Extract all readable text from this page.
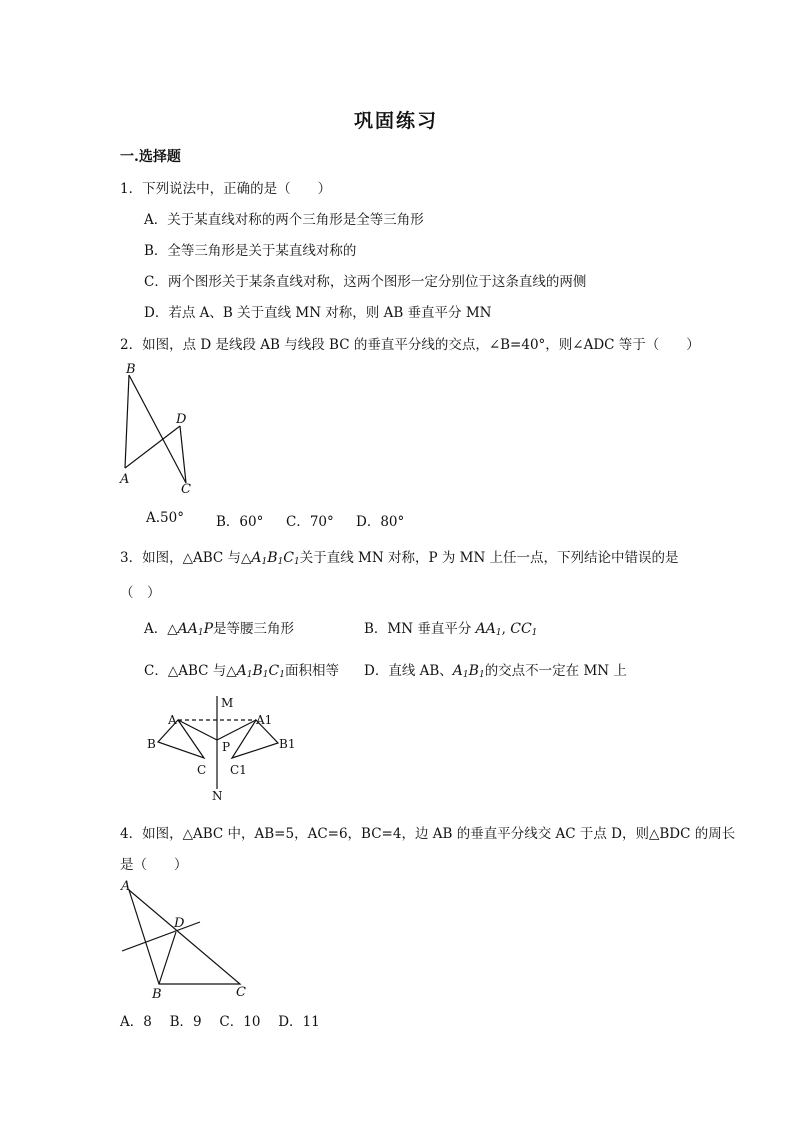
巩固练习
一.选择题
1．下列说法中，正确的是（　　）
A．关于某直线对称的两个三角形是全等三角形
B．全等三角形是关于某直线对称的
C．两个图形关于某条直线对称，这两个图形一定分别位于这条直线的两侧
D．若点 A、B 关于直线 MN 对称，则 AB 垂直平分 MN
2．如图，点 D 是线段 AB 与线段 BC 的垂直平分线的交点，∠B=40°，则∠ADC 等于（　　）
B
D
A
C
A.50° B．60° C．70° D．80°
3．如图，△ABC 与$\triangle A_1B_1C_1$关于直线 MN 对称，P 为 MN 上任一点，下列结论中错误的是
（　）
A．$\triangle AA_1P$是等腰三角形	B．MN 垂直平分 $AA_1$, $CC_1$
C．△ABC 与$\triangle A_1B_1C_1$面积相等 D．直线 AB、$A_1B_1$的交点不一定在 MN 上
M
A	A1
B	P	B1
C C1
N
4．如图，△ABC 中，AB=5，AC=6，BC=4，边 AB 的垂直平分线交 AC 于点 D，则△BDC 的周长
是（　　）
A
D
B	C
A．8　 B．9　 C．10　 D．11
